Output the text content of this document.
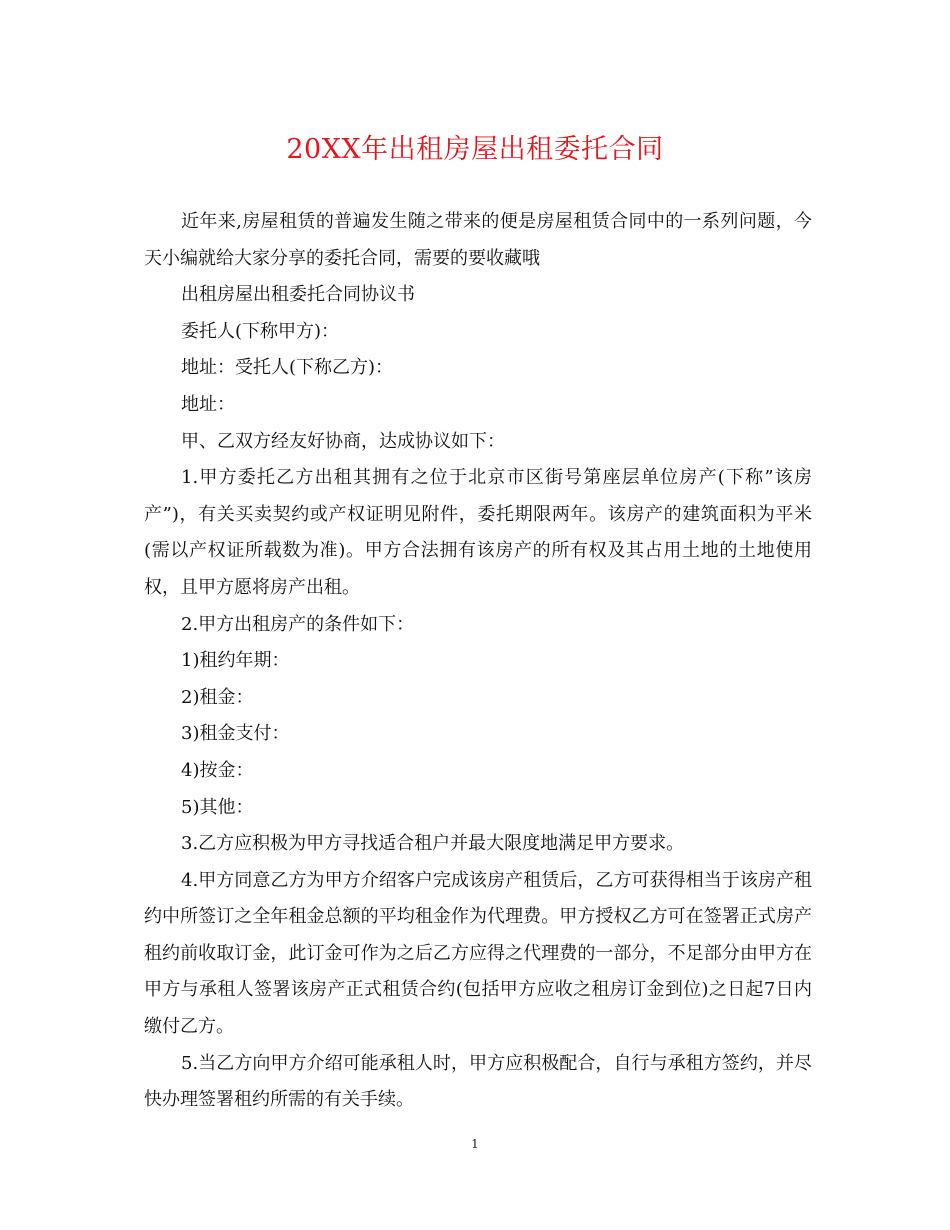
20XX年出租房屋出租委托合同

近年来,房屋租赁的普遍发生随之带来的便是房屋租赁合同中的一系列问题，今天小编就给大家分享的委托合同，需要的要收藏哦

出租房屋出租委托合同协议书

委托人(下称甲方)：

地址：受托人(下称乙方)：

地址：

甲、乙双方经友好协商，达成协议如下：

1.甲方委托乙方出租其拥有之位于北京市区街号第座层单位房产(下称”该房产”)，有关买卖契约或产权证明见附件，委托期限两年。该房产的建筑面积为平米(需以产权证所载数为准)。甲方合法拥有该房产的所有权及其占用土地的土地使用权，且甲方愿将房产出租。

2.甲方出租房产的条件如下：

1)租约年期：

2)租金：

3)租金支付：

4)按金：

5)其他：

3.乙方应积极为甲方寻找适合租户并最大限度地满足甲方要求。

4.甲方同意乙方为甲方介绍客户完成该房产租赁后，乙方可获得相当于该房产租约中所签订之全年租金总额的平均租金作为代理费。甲方授权乙方可在签署正式房产租约前收取订金，此订金可作为之后乙方应得之代理费的一部分，不足部分由甲方在甲方与承租人签署该房产正式租赁合约(包括甲方应收之租房订金到位)之日起7日内缴付乙方。

5.当乙方向甲方介绍可能承租人时，甲方应积极配合，自行与承租方签约，并尽快办理签署租约所需的有关手续。

1
